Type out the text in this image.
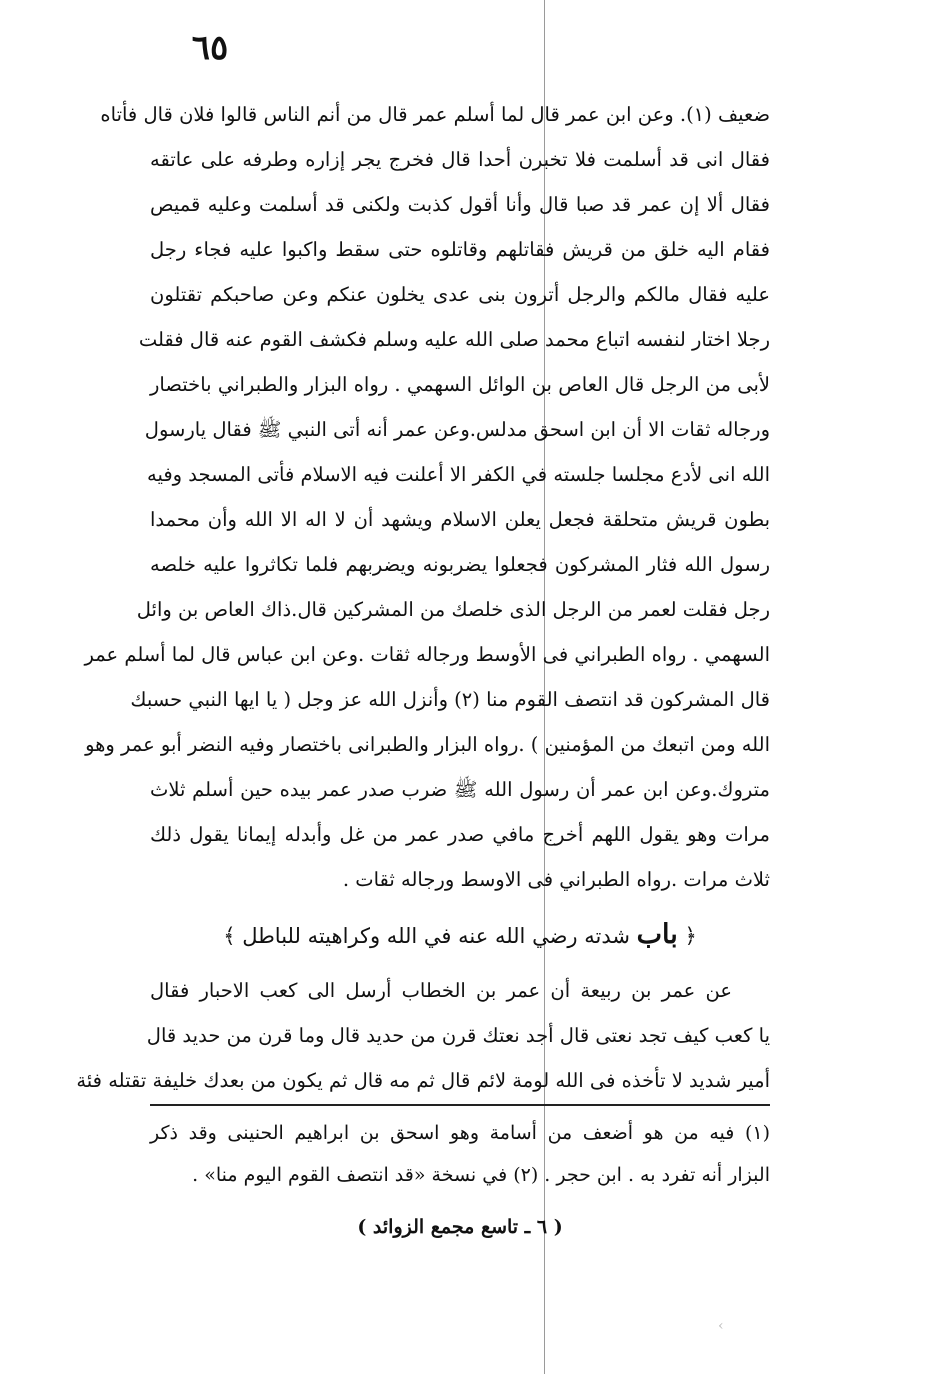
٦٥
ضعيف (١). وعن ابن عمر قال لما أسلم عمر قال من أنم الناس قالوا فلان قال فأتاه
فقال انى قد أسلمت فلا تخبرن أحدا قال فخرج يجر إزاره وطرفه على عاتقه
فقال ألا إن عمر قد صبا قال وأنا أقول كذبت ولكنى قد أسلمت وعليه قميص
فقام اليه خلق من قريش فقاتلهم وقاتلوه حتى سقط واكبوا عليه فجاء رجل
عليه فقال مالكم والرجل أترون بنى عدى يخلون عنكم وعن صاحبكم تقتلون
رجلا اختار لنفسه اتباع محمد صلى الله عليه وسلم فكشف القوم عنه قال فقلت
لأبى من الرجل قال العاص بن الوائل السهمي . رواه البزار والطبراني باختصار
ورجاله ثقات الا أن ابن اسحق مدلس.وعن عمر أنه أتى النبي ﷺ فقال يارسول
الله انى لأدع مجلسا جلسته في الكفر الا أعلنت فيه الاسلام فأتى المسجد وفيه
بطون قريش متحلقة فجعل يعلن الاسلام ويشهد أن لا اله الا الله وأن محمدا
رسول الله فثار المشركون فجعلوا يضربونه ويضربهم فلما تكاثروا عليه خلصه
رجل فقلت لعمر من الرجل الذى خلصك من المشركين قال.ذاك العاص بن وائل
السهمي . رواه الطبراني فى الأوسط ورجاله ثقات .وعن ابن عباس قال لما أسلم عمر
قال المشركون قد انتصف القوم منا (٢) وأنزل الله عز وجل ( يا ايها النبي حسبك
الله ومن اتبعك من المؤمنين ) .رواه البزار والطبرانى باختصار وفيه النضر أبو عمر وهو
متروك.وعن ابن عمر أن رسول الله ﷺ ضرب صدر عمر بيده حين أسلم ثلاث
مرات وهو يقول اللهم أخرج مافي صدر عمر من غل وأبدله إيمانا يقول ذلك
ثلاث مرات .رواه الطبراني فى الاوسط ورجاله ثقات .
﴿ باب شدته رضي الله عنه في الله وكراهيته للباطل ﴾
عن عمر بن ربيعة أن عمر بن الخطاب أرسل الى كعب الاحبار فقال
يا كعب كيف تجد نعتى قال أجد نعتك قرن من حديد قال وما قرن من حديد قال
أمير شديد لا تأخذه فى الله لومة لائم قال ثم مه قال ثم يكون من بعدك خليفة تقتله فئة
(١) فيه من هو أضعف من أسامة وهو اسحق بن ابراهيم الحنينى وقد ذكر
البزار أنه تفرد به . ابن حجر . (٢) في نسخة «قد انتصف القوم اليوم منا» .
( ٦ ـ تاسع مجمع الزوائد )
‹
